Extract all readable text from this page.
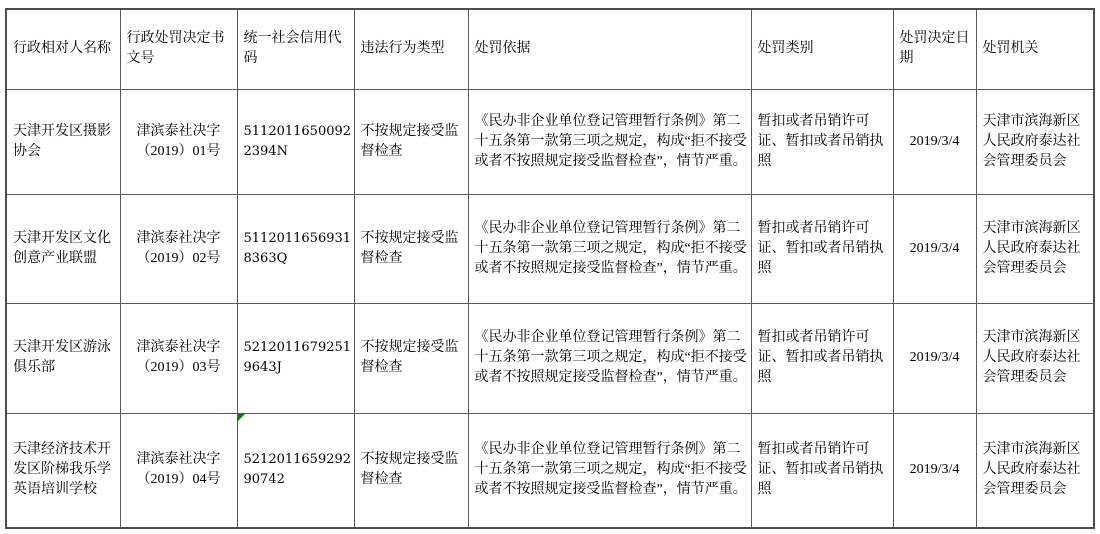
行政相对人名称	行政处罚决定书文号	统一社会信用代码	违法行为类型	处罚依据	处罚类别	处罚决定日期	处罚机关
天津开发区摄影协会	津滨泰社决字（2019）01号	51120116500922394N	不按规定接受监督检查	《民办非企业单位登记管理暂行条例》第二十五条第一款第三项之规定，构成“拒不接受或者不按照规定接受监督检查”，情节严重。	暂扣或者吊销许可证、暂扣或者吊销执照	2019/3/4	天津市滨海新区人民政府泰达社会管理委员会
天津开发区文化创意产业联盟	津滨泰社决字（2019）02号	51120116569318363Q	不按规定接受监督检查	《民办非企业单位登记管理暂行条例》第二十五条第一款第三项之规定，构成“拒不接受或者不按照规定接受监督检查”，情节严重。	暂扣或者吊销许可证、暂扣或者吊销执照	2019/3/4	天津市滨海新区人民政府泰达社会管理委员会
天津开发区游泳俱乐部	津滨泰社决字（2019）03号	52120116792519643J	不按规定接受监督检查	《民办非企业单位登记管理暂行条例》第二十五条第一款第三项之规定，构成“拒不接受或者不按照规定接受监督检查”，情节严重。	暂扣或者吊销许可证、暂扣或者吊销执照	2019/3/4	天津市滨海新区人民政府泰达社会管理委员会
天津经济技术开发区阶梯我乐学英语培训学校	津滨泰社决字（2019）04号	521201165929290742	不按规定接受监督检查	《民办非企业单位登记管理暂行条例》第二十五条第一款第三项之规定，构成“拒不接受或者不按照规定接受监督检查”，情节严重。	暂扣或者吊销许可证、暂扣或者吊销执照	2019/3/4	天津市滨海新区人民政府泰达社会管理委员会
